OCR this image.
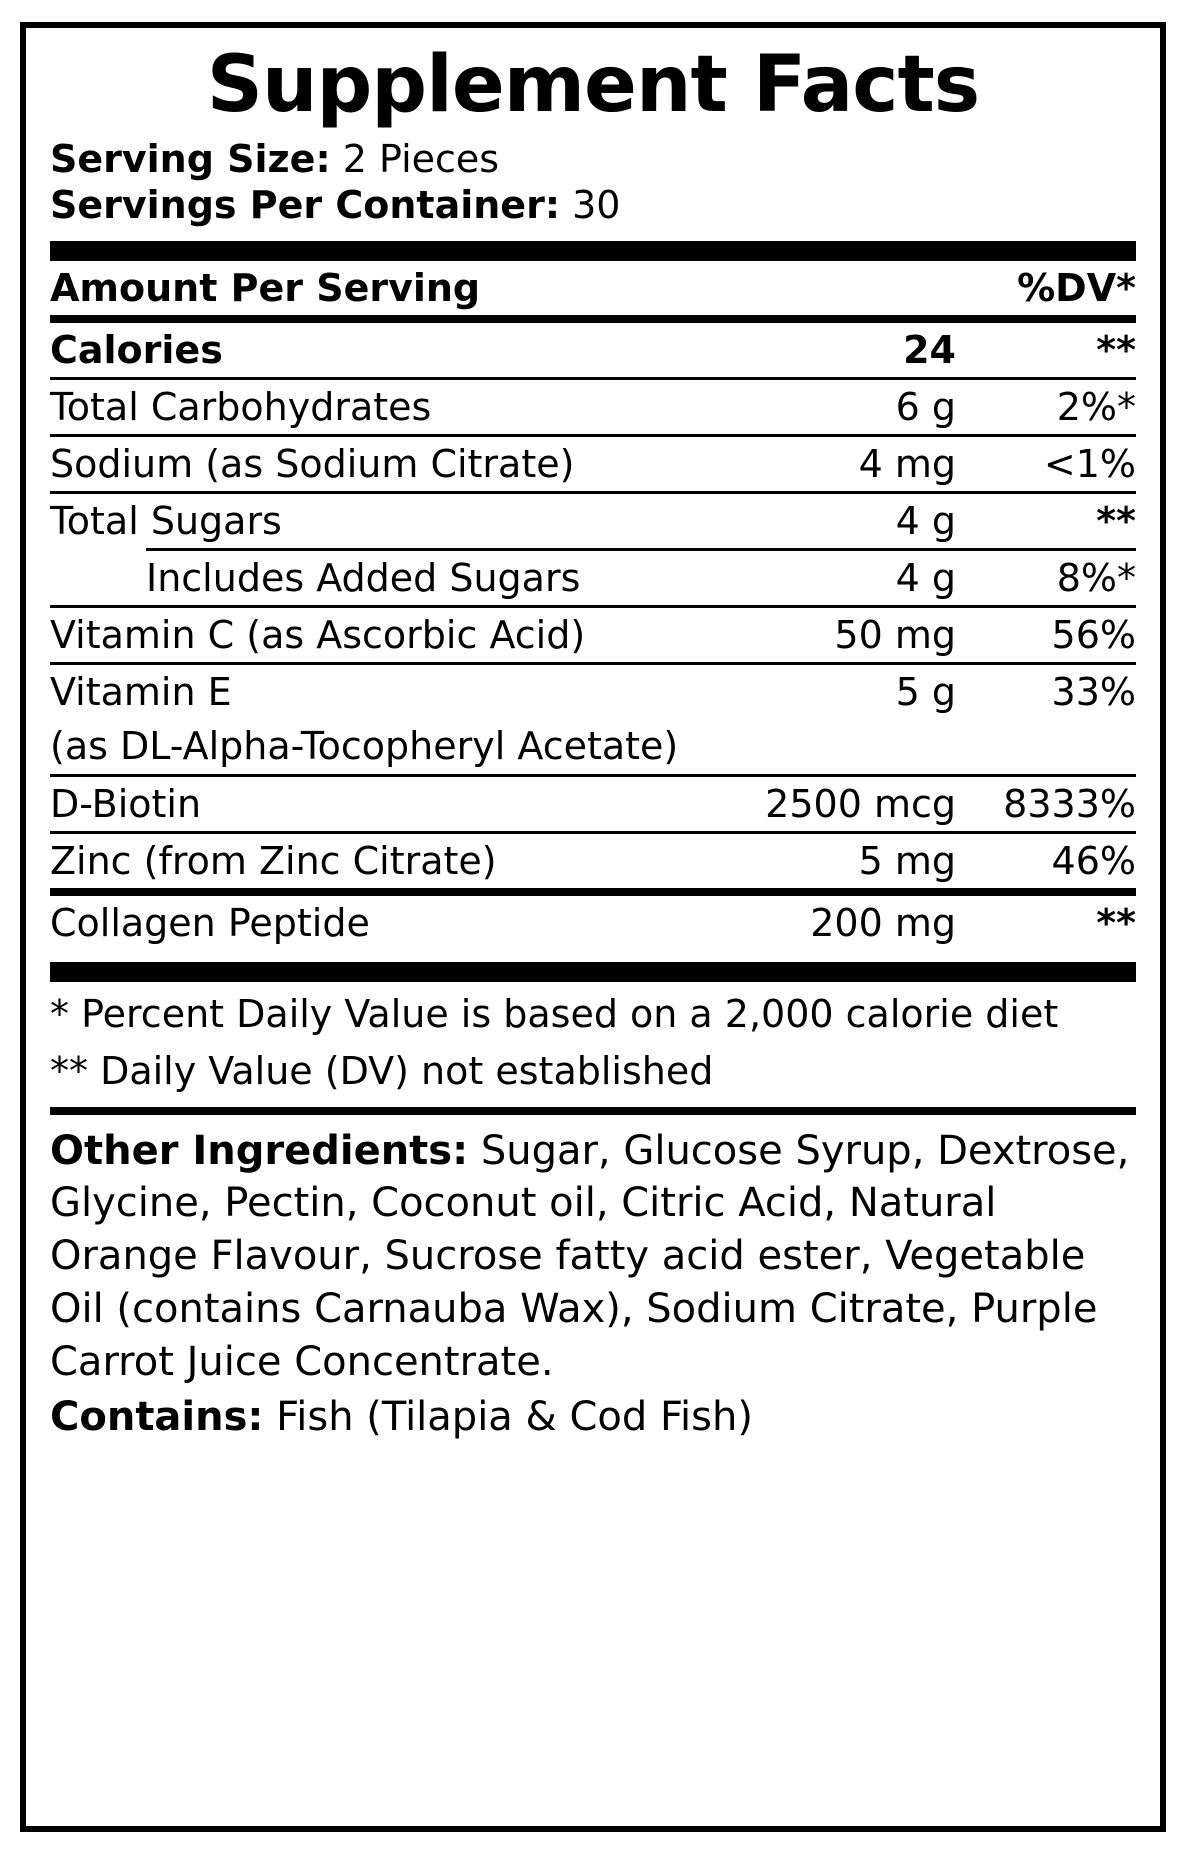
Supplement Facts
Serving Size: 2 Pieces
Servings Per Container: 30
Amount Per Serving	%DV*
Calories	24	**
Total Carbohydrates	6 g	2%*
Sodium (as Sodium Citrate)	4 mg	<1%
Total Sugars	4 g	**
Includes Added Sugars	4 g	8%*
Vitamin C (as Ascorbic Acid)	50 mg	56%
Vitamin E	5 g	33%
(as DL-Alpha-Tocopheryl Acetate)
D-Biotin	2500 mcg	8333%
Zinc (from Zinc Citrate)	5 mg	46%
Collagen Peptide	200 mg	**
* Percent Daily Value is based on a 2,000 calorie diet
** Daily Value (DV) not established
Other Ingredients: Sugar, Glucose Syrup, Dextrose, Glycine, Pectin, Coconut oil, Citric Acid, Natural Orange Flavour, Sucrose fatty acid ester, Vegetable Oil (contains Carnauba Wax), Sodium Citrate, Purple Carrot Juice Concentrate.
Contains: Fish (Tilapia & Cod Fish)
